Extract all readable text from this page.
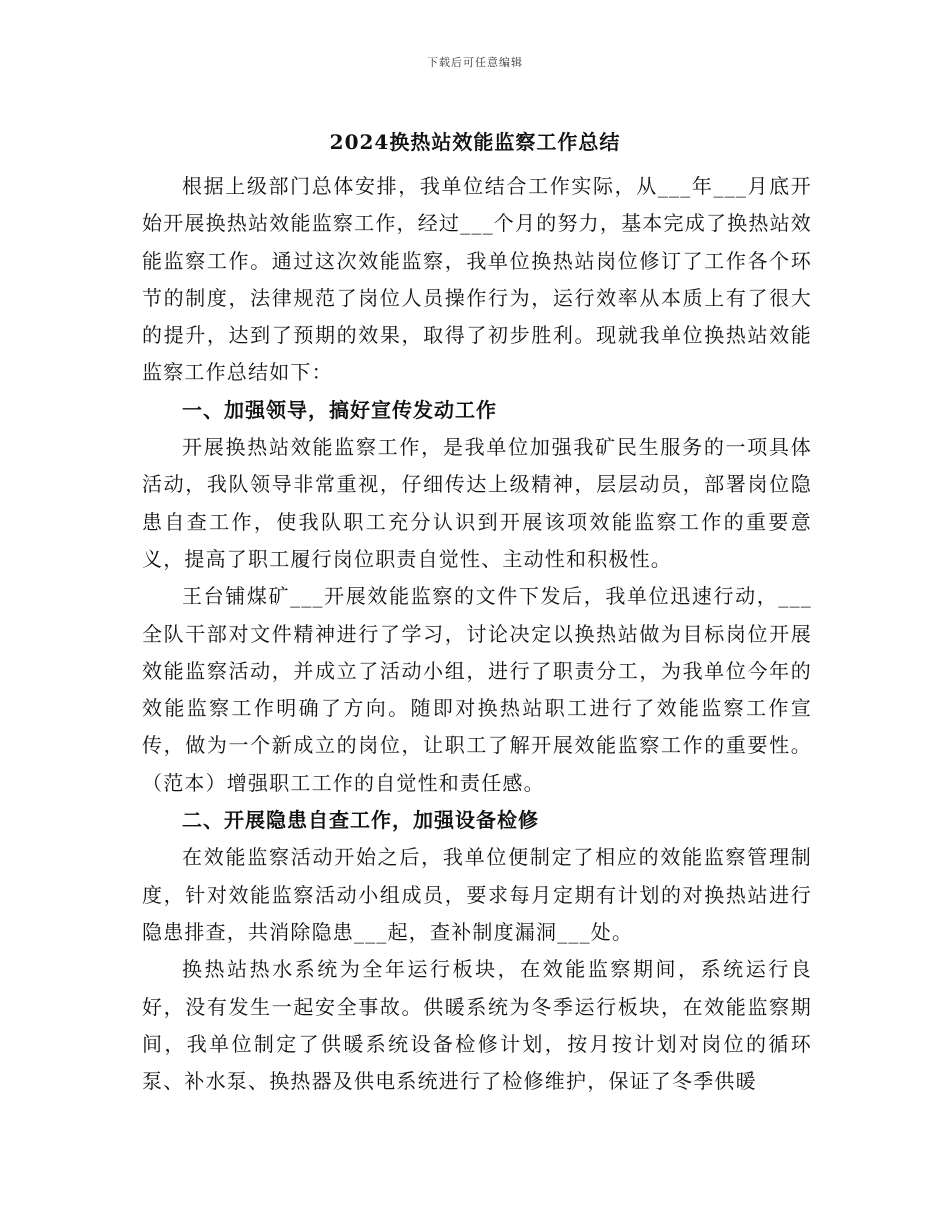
下载后可任意编辑
2024换热站效能监察工作总结

根据上级部门总体安排，我单位结合工作实际，从___年___月底开始开展换热站效能监察工作，经过___个月的努力，基本完成了换热站效能监察工作。通过这次效能监察，我单位换热站岗位修订了工作各个环节的制度，法律规范了岗位人员操作行为，运行效率从本质上有了很大的提升，达到了预期的效果，取得了初步胜利。现就我单位换热站效能监察工作总结如下：

一、加强领导，搞好宣传发动工作

开展换热站效能监察工作，是我单位加强我矿民生服务的一项具体活动，我队领导非常重视，仔细传达上级精神，层层动员，部署岗位隐患自查工作，使我队职工充分认识到开展该项效能监察工作的重要意义，提高了职工履行岗位职责自觉性、主动性和积极性。

王台铺煤矿___开展效能监察的文件下发后，我单位迅速行动，___全队干部对文件精神进行了学习，讨论决定以换热站做为目标岗位开展效能监察活动，并成立了活动小组，进行了职责分工，为我单位今年的效能监察工作明确了方向。随即对换热站职工进行了效能监察工作宣传，做为一个新成立的岗位，让职工了解开展效能监察工作的重要性。（范本）增强职工工作的自觉性和责任感。

二、开展隐患自查工作，加强设备检修

在效能监察活动开始之后，我单位便制定了相应的效能监察管理制度，针对效能监察活动小组成员，要求每月定期有计划的对换热站进行隐患排查，共消除隐患___起，查补制度漏洞___处。

换热站热水系统为全年运行板块，在效能监察期间，系统运行良好，没有发生一起安全事故。供暖系统为冬季运行板块，在效能监察期间，我单位制定了供暖系统设备检修计划，按月按计划对岗位的循环泵、补水泵、换热器及供电系统进行了检修维护，保证了冬季供暖
